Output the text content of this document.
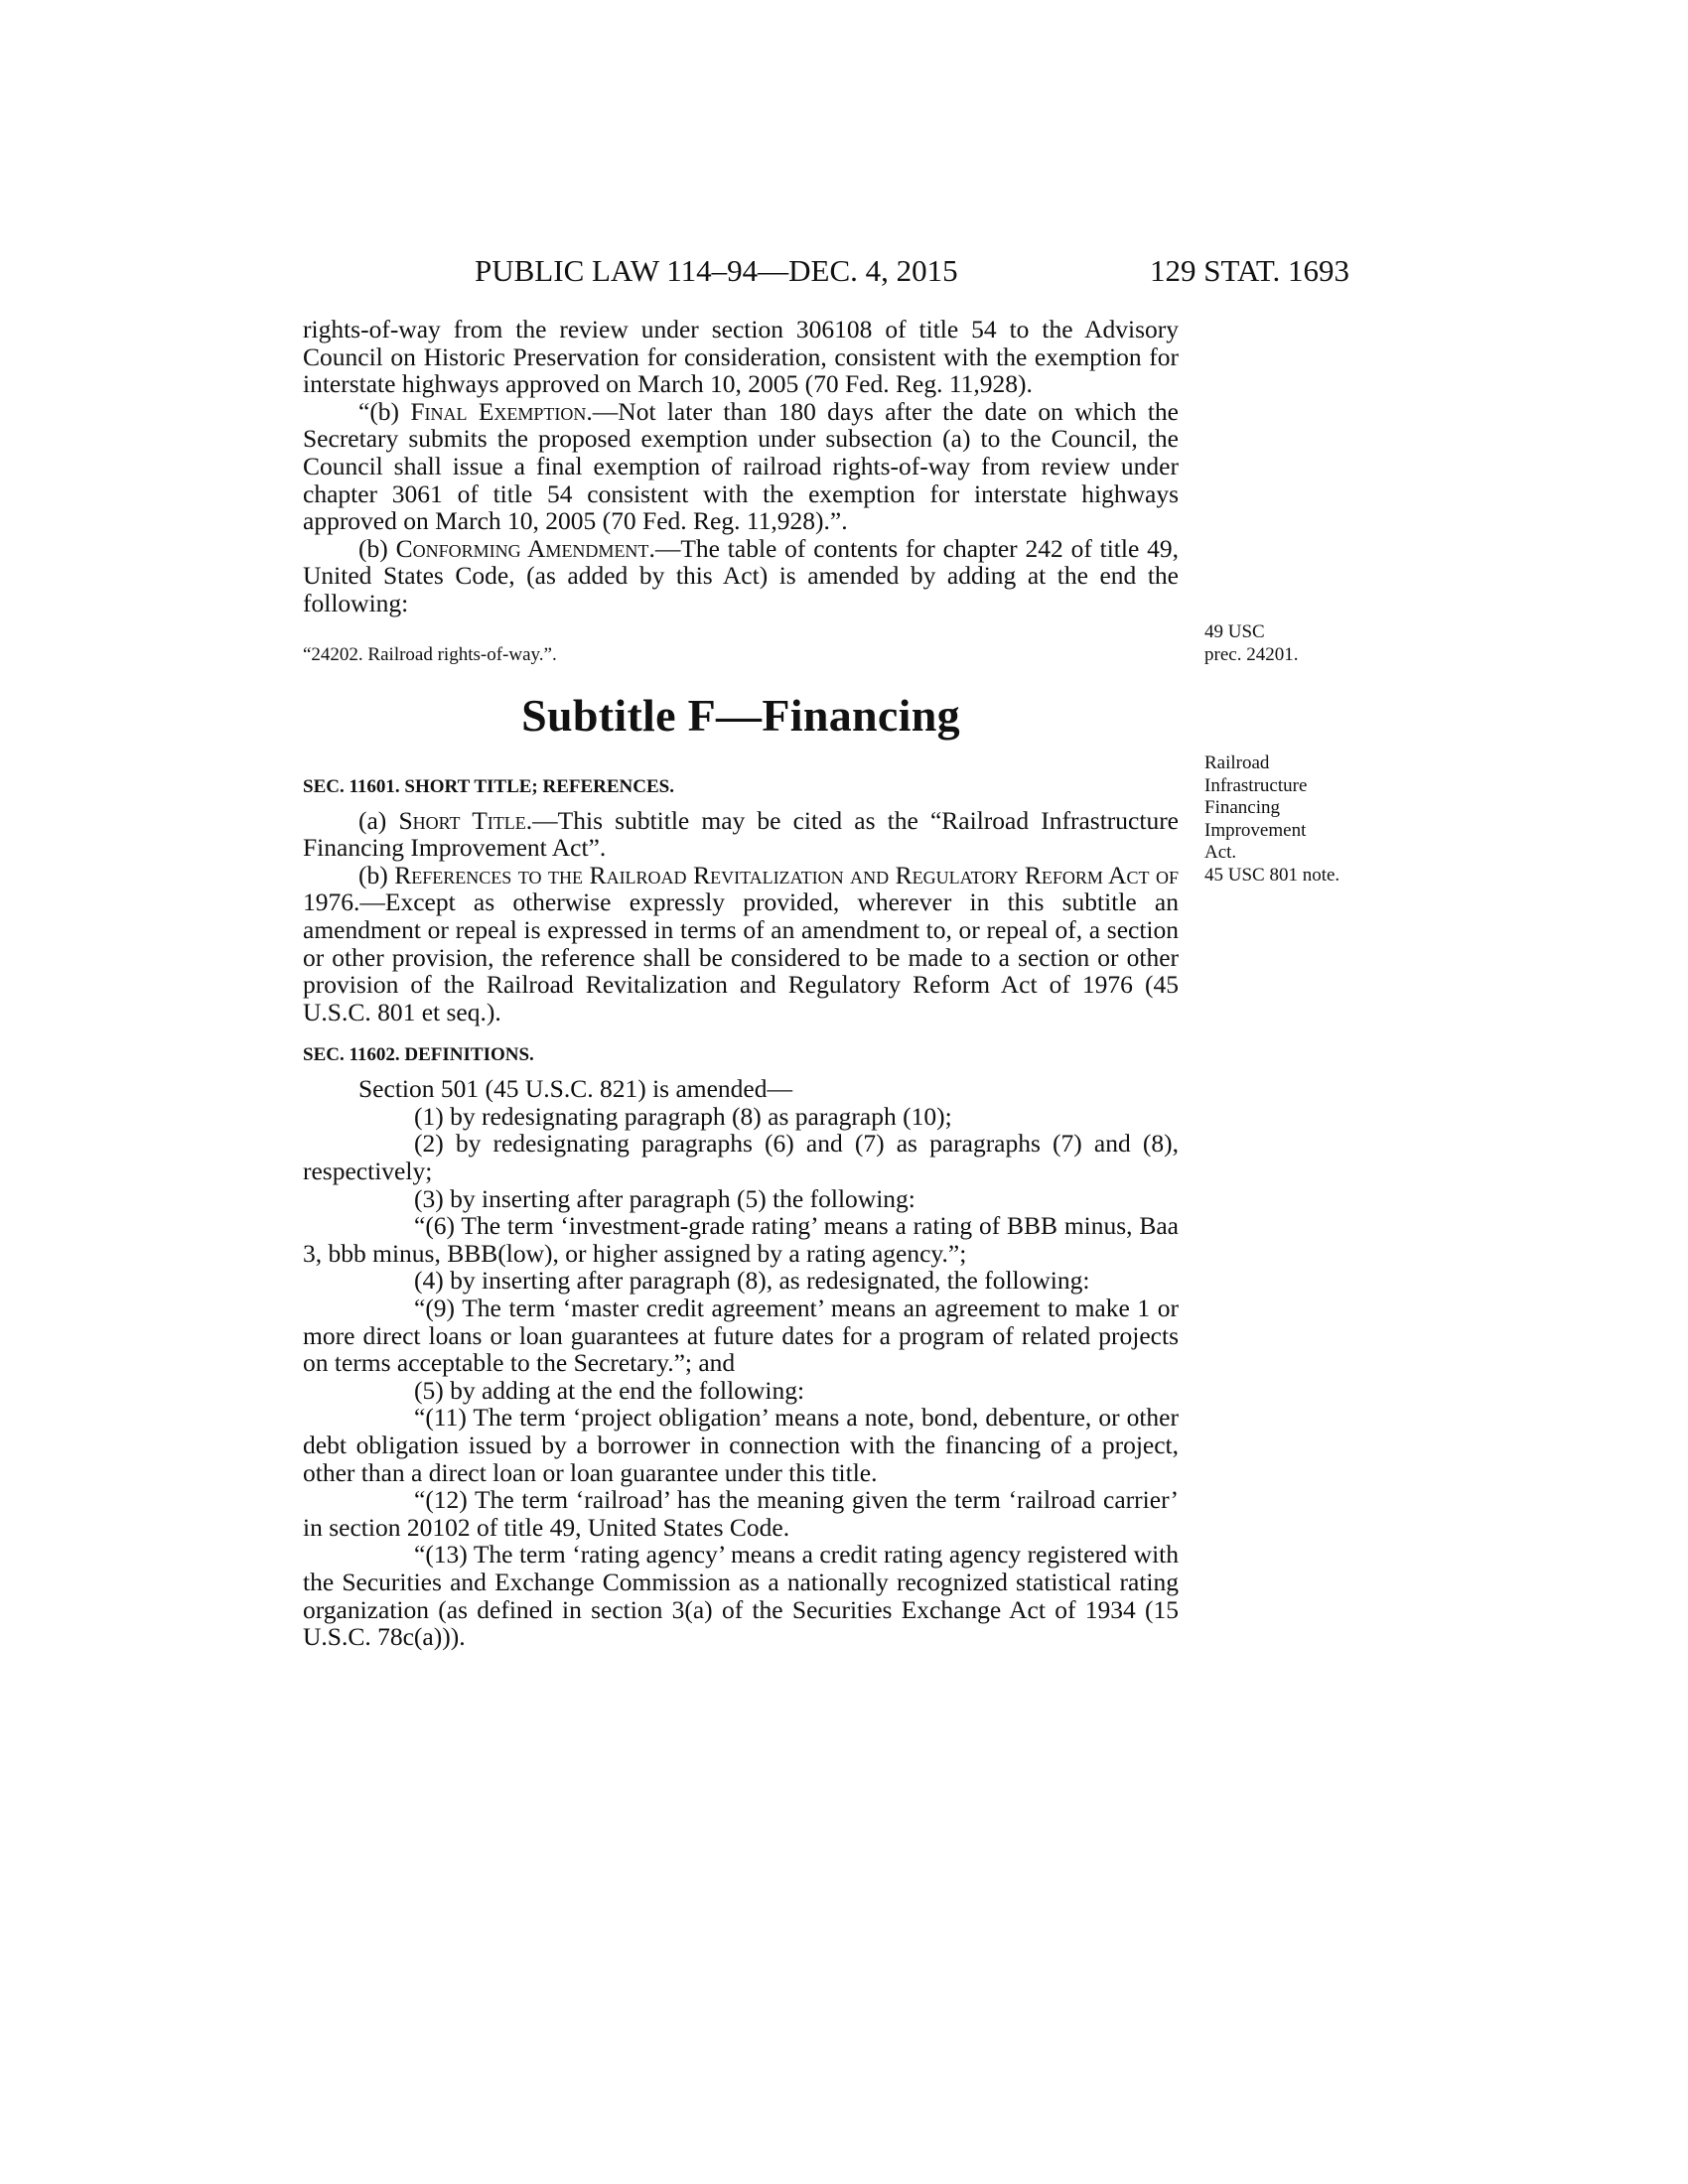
PUBLIC LAW 114–94—DEC. 4, 2015	129 STAT. 1693
49 USC
prec. 24201.
Railroad
Infrastructure
Financing
Improvement
Act.
45 USC 801 note.

rights-of-way from the review under section 306108 of title 54 to the Advisory Council on Historic Preservation for consideration, consistent with the exemption for interstate highways approved on March 10, 2005 (70 Fed. Reg. 11,928).

“(b) Final Exemption.—Not later than 180 days after the date on which the Secretary submits the proposed exemption under subsection (a) to the Council, the Council shall issue a final exemption of railroad rights-of-way from review under chapter 3061 of title 54 consistent with the exemption for interstate highways approved on March 10, 2005 (70 Fed. Reg. 11,928).”.

(b) Conforming Amendment.—The table of contents for chapter 242 of title 49, United States Code, (as added by this Act) is amended by adding at the end the following:

“24202. Railroad rights-of-way.”.

Subtitle F—Financing

SEC. 11601. SHORT TITLE; REFERENCES.

(a) Short Title.—This subtitle may be cited as the “Railroad Infrastructure Financing Improvement Act”.

(b) References to the Railroad Revitalization and Regulatory Reform Act of 1976.—Except as otherwise expressly provided, wherever in this subtitle an amendment or repeal is expressed in terms of an amendment to, or repeal of, a section or other provision, the reference shall be considered to be made to a section or other provision of the Railroad Revitalization and Regulatory Reform Act of 1976 (45 U.S.C. 801 et seq.).

SEC. 11602. DEFINITIONS.

Section 501 (45 U.S.C. 821) is amended—

(1) by redesignating paragraph (8) as paragraph (10);

(2) by redesignating paragraphs (6) and (7) as paragraphs (7) and (8), respectively;

(3) by inserting after paragraph (5) the following:

“(6) The term ‘investment-grade rating’ means a rating of BBB minus, Baa 3, bbb minus, BBB(low), or higher assigned by a rating agency.”;

(4) by inserting after paragraph (8), as redesignated, the following:

“(9) The term ‘master credit agreement’ means an agreement to make 1 or more direct loans or loan guarantees at future dates for a program of related projects on terms acceptable to the Secretary.”; and

(5) by adding at the end the following:

“(11) The term ‘project obligation’ means a note, bond, debenture, or other debt obligation issued by a borrower in connection with the financing of a project, other than a direct loan or loan guarantee under this title.

“(12) The term ‘railroad’ has the meaning given the term ‘railroad carrier’ in section 20102 of title 49, United States Code.

“(13) The term ‘rating agency’ means a credit rating agency registered with the Securities and Exchange Commission as a nationally recognized statistical rating organization (as defined in section 3(a) of the Securities Exchange Act of 1934 (15 U.S.C. 78c(a))).
